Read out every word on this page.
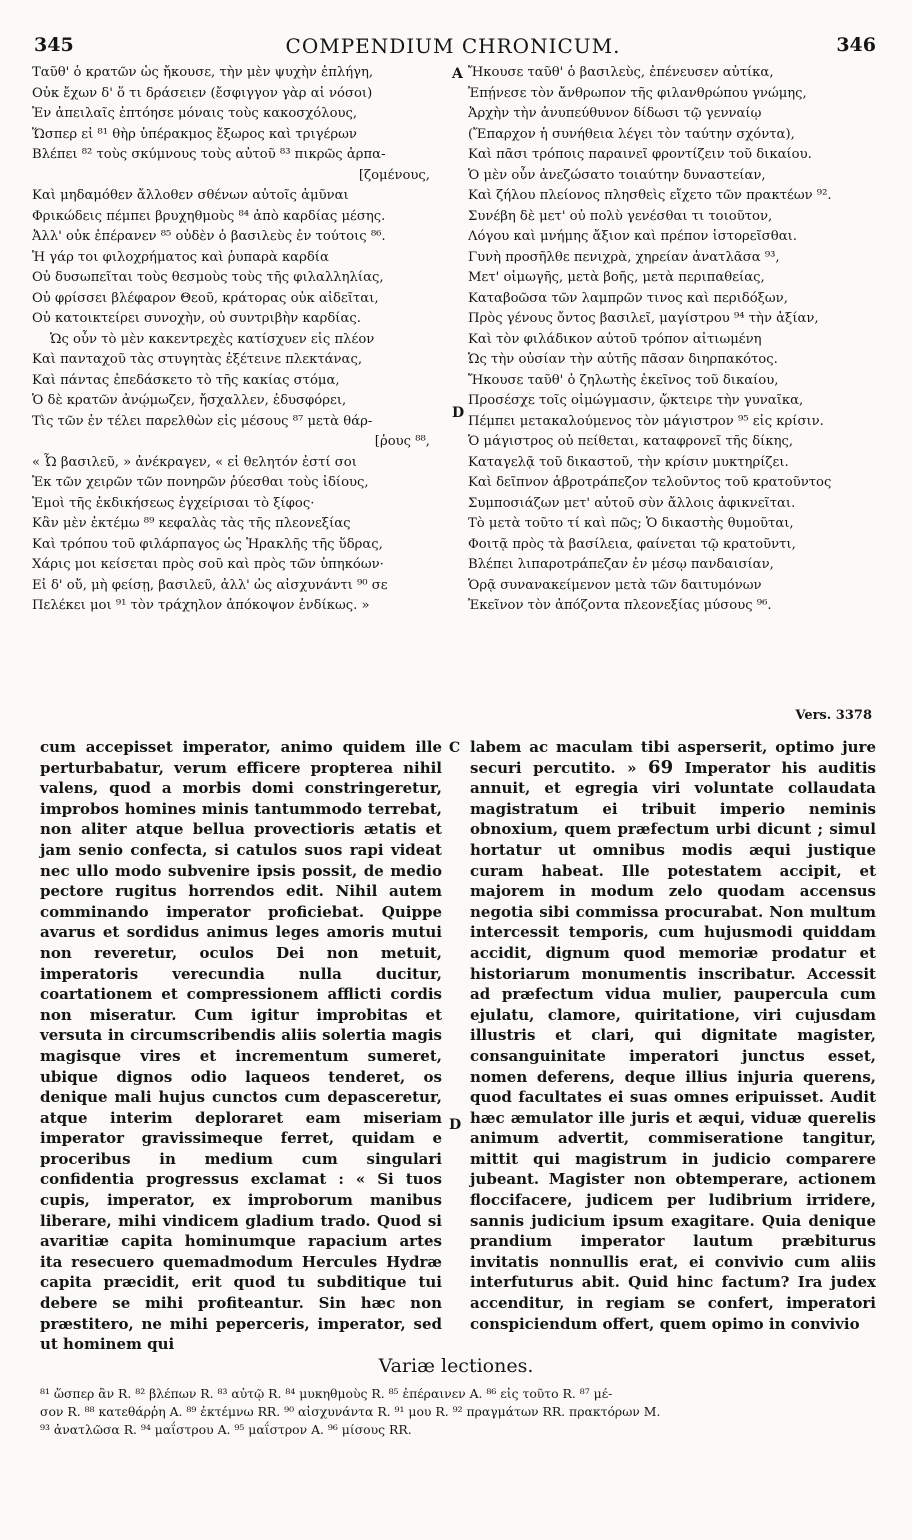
345	COMPENDIUM CHRONICUM.	346
Ταῦθ' ὁ κρατῶν ὡς ἤκουσε, τὴν μὲν ψυχὴν ἐπλήγη,
Οὐκ ἔχων δ' ὅ τι δράσειεν (ἔσφιγγον γὰρ αἱ νόσοι)
Ἐν ἀπειλαῖς ἐπτόησε μόναις τοὺς κακοσχόλους,
Ὥσπερ εἰ ⁸¹ θὴρ ὑπέρακμος ἔξωρος καὶ τριγέρων
Βλέπει ⁸² τοὺς σκύμνους τοὺς αὐτοῦ ⁸³ πικρῶς ἁρπα-
[ζομένους,
Καὶ μηδαμόθεν ἄλλοθεν σθένων αὐτοῖς ἀμῦναι
Φρικώδεις πέμπει βρυχηθμοὺς ⁸⁴ ἀπὸ καρδίας μέσης.
Ἀλλ' οὐκ ἐπέρανεν ⁸⁵ οὐδὲν ὁ βασιλεὺς ἐν τούτοις ⁸⁶.
Ἡ γάρ τοι φιλοχρήματος καὶ ῥυπαρὰ καρδία
Οὐ δυσωπεῖται τοὺς θεσμοὺς τοὺς τῆς φιλαλληλίας,
Οὐ φρίσσει βλέφαρον Θεοῦ, κράτορας οὐκ αἰδεῖται,
Οὐ κατοικτείρει συνοχὴν, οὐ συντριβὴν καρδίας.
Ὡς οὖν τὸ μὲν κακεντρεχὲς κατίσχυεν εἰς πλέον
Καὶ πανταχοῦ τὰς στυγητὰς ἐξέτεινε πλεκτάνας,
Καὶ πάντας ἐπεδάσκετο τὸ τῆς κακίας στόμα,
Ὁ δὲ κρατῶν ἀνῴμωζεν, ἤσχαλλεν, ἐδυσφόρει,
Τὶς τῶν ἐν τέλει παρελθὼν εἰς μέσους ⁸⁷ μετὰ θάρ-
[ῥους ⁸⁸,
« Ὦ βασιλεῦ, » ἀνέκραγεν, « εἰ θελητόν ἐστί σοι
Ἐκ τῶν χειρῶν τῶν πονηρῶν ῥύεσθαι τοὺς ἰδίους,
Ἐμοὶ τῆς ἐκδικήσεως ἐγχείρισαι τὸ ξίφος·
Κἂν μὲν ἐκτέμω ⁸⁹ κεφαλὰς τὰς τῆς πλεονεξίας
Καὶ τρόπου τοῦ φιλάρπαγος ὡς Ἡρακλῆς τῆς ὕδρας,
Χάρις μοι κείσεται πρὸς σοῦ καὶ πρὸς τῶν ὑπηκόων·
Εἰ δ' οὔ, μὴ φείσῃ, βασιλεῦ, ἀλλ' ὡς αἰσχυνάντι ⁹⁰ σε
Πελέκει μοι ⁹¹ τὸν τράχηλον ἀπόκοψον ἐνδίκως. »
Ἤκουσε ταῦθ' ὁ βασιλεὺς, ἐπένευσεν αὐτίκα,
Ἐπῄνεσε τὸν ἄνθρωπον τῆς φιλανθρώπου γνώμης,
Ἀρχὴν τὴν ἀνυπεύθυνον δίδωσι τῷ γενναίῳ
(Ἔπαρχον ἡ συνήθεια λέγει τὸν ταύτην σχόντα),
Καὶ πᾶσι τρόποις παραινεῖ φροντίζειν τοῦ δικαίου.
Ὁ μὲν οὖν ἀνεζώσατο τοιαύτην δυναστείαν,
Καὶ ζήλου πλείονος πλησθεὶς εἴχετο τῶν πρακτέων ⁹².
Συνέβη δὲ μετ' οὐ πολὺ γενέσθαι τι τοιοῦτον,
Λόγου καὶ μνήμης ἄξιον καὶ πρέπον ἱστορεῖσθαι.
Γυνὴ προσῆλθε πενιχρὰ, χηρείαν ἀνατλᾶσα ⁹³,
Μετ' οἰμωγῆς, μετὰ βοῆς, μετὰ περιπαθείας,
Καταβοῶσα τῶν λαμπρῶν τινος καὶ περιδόξων,
Πρὸς γένους ὄντος βασιλεῖ, μαγίστρου ⁹⁴ τὴν ἀξίαν,
Καὶ τὸν φιλάδικον αὐτοῦ τρόπον αἰτιωμένη
Ὡς τὴν οὐσίαν τὴν αὐτῆς πᾶσαν διηρπακότος.
Ἤκουσε ταῦθ' ὁ ζηλωτὴς ἐκεῖνος τοῦ δικαίου,
Προσέσχε τοῖς οἰμώγμασιν, ᾤκτειρε τὴν γυναῖκα,
Πέμπει μετακαλούμενος τὸν μάγιστρον ⁹⁵ εἰς κρίσιν.
Ὁ μάγιστρος οὐ πείθεται, καταφρονεῖ τῆς δίκης,
Καταγελᾷ τοῦ δικαστοῦ, τὴν κρίσιν μυκτηρίζει.
Καὶ δεῖπνον ἁβροτράπεζον τελοῦντος τοῦ κρατοῦντος
Συμποσιάζων μετ' αὐτοῦ σὺν ἄλλοις ἀφικνεῖται.
Τὸ μετὰ τοῦτο τί καὶ πῶς; Ὁ δικαστὴς θυμοῦται,
Φοιτᾷ πρὸς τὰ βασίλεια, φαίνεται τῷ κρατοῦντι,
Βλέπει λιπαροτράπεζαν ἐν μέσῳ πανδαισίαν,
Ὁρᾷ συνανακείμενον μετὰ τῶν δαιτυμόνων
Ἐκεῖνον τὸν ἀπόζοντα πλεονεξίας μύσους ⁹⁶.
A
D
Vers. 3378

cum accepisset imperator, animo quidem ille perturbabatur, verum efficere propterea nihil valens, quod a morbis domi constringeretur, improbos homines minis tantummodo terrebat, non aliter atque bellua provectioris ætatis et jam senio confecta, si catulos suos rapi videat nec ullo modo subvenire ipsis possit, de medio pectore rugitus horrendos edit. Nihil autem comminando imperator proficiebat. Quippe avarus et sordidus animus leges amoris mutui non reveretur, oculos Dei non metuit, imperatoris verecundia nulla ducitur, coartationem et compressionem afflicti cordis non miseratur. Cum igitur improbitas et versuta in circumscribendis aliis solertia magis magisque vires et incrementum sumeret, ubique dignos odio laqueos tenderet, os denique mali hujus cunctos cum depasceretur, atque interim deploraret eam miseriam imperator gravissimeque ferret, quidam e proceribus in medium cum singulari confidentia progressus exclamat : « Si tuos cupis, imperator, ex improborum manibus liberare, mihi vindicem gladium trado. Quod si avaritiæ capita hominumque rapacium artes ita resecuero quemadmodum Hercules Hydræ capita præcidit, erit quod tu subditique tui debere se mihi profiteantur. Sin hæc non præstitero, ne mihi peperceris, imperator, sed ut hominem qui

C
D

labem ac maculam tibi asperserit, optimo jure securi percutito. » 69 Imperator his auditis annuit, et egregia viri voluntate collaudata magistratum ei tribuit imperio neminis obnoxium, quem præfectum urbi dicunt ; simul hortatur ut omnibus modis æqui justique curam habeat. Ille potestatem accipit, et majorem in modum zelo quodam accensus negotia sibi commissa procurabat. Non multum intercessit temporis, cum hujusmodi quiddam accidit, dignum quod memoriæ prodatur et historiarum monumentis inscribatur. Accessit ad præfectum vidua mulier, paupercula cum ejulatu, clamore, quiritatione, viri cujusdam illustris et clari, qui dignitate magister, consanguinitate imperatori junctus esset, nomen deferens, deque illius injuria querens, quod facultates ei suas omnes eripuisset. Audit hæc æmulator ille juris et æqui, viduæ querelis animum advertit, commiseratione tangitur, mittit qui magistrum in judicio comparere jubeant. Magister non obtemperare, actionem floccifacere, judicem per ludibrium irridere, sannis judicium ipsum exagitare. Quia denique prandium imperator lautum præbiturus invitatis nonnullis erat, ei convivio cum aliis interfuturus abit. Quid hinc factum? Ira judex accenditur, in regiam se confert, imperatori conspiciendum offert, quem opimo in convivio

Variæ lectiones.
⁸¹ ὥσπερ ἂν R. ⁸² βλέπων R. ⁸³ αὐτῷ R. ⁸⁴ μυκηθμοὺς R. ⁸⁵ ἐπέραινεν A. ⁸⁶ εἰς τοῦτο R. ⁸⁷ μέ-
σον R. ⁸⁸ κατεθάρῥη A. ⁸⁹ ἐκτέμνω RR. ⁹⁰ αἰσχυνάντα R. ⁹¹ μου R. ⁹² πραγμάτων RR. πρακτόρων M.
⁹³ ἀνατλῶσα R. ⁹⁴ μαΐστρου A. ⁹⁵ μαΐστρον A. ⁹⁶ μίσους RR.
